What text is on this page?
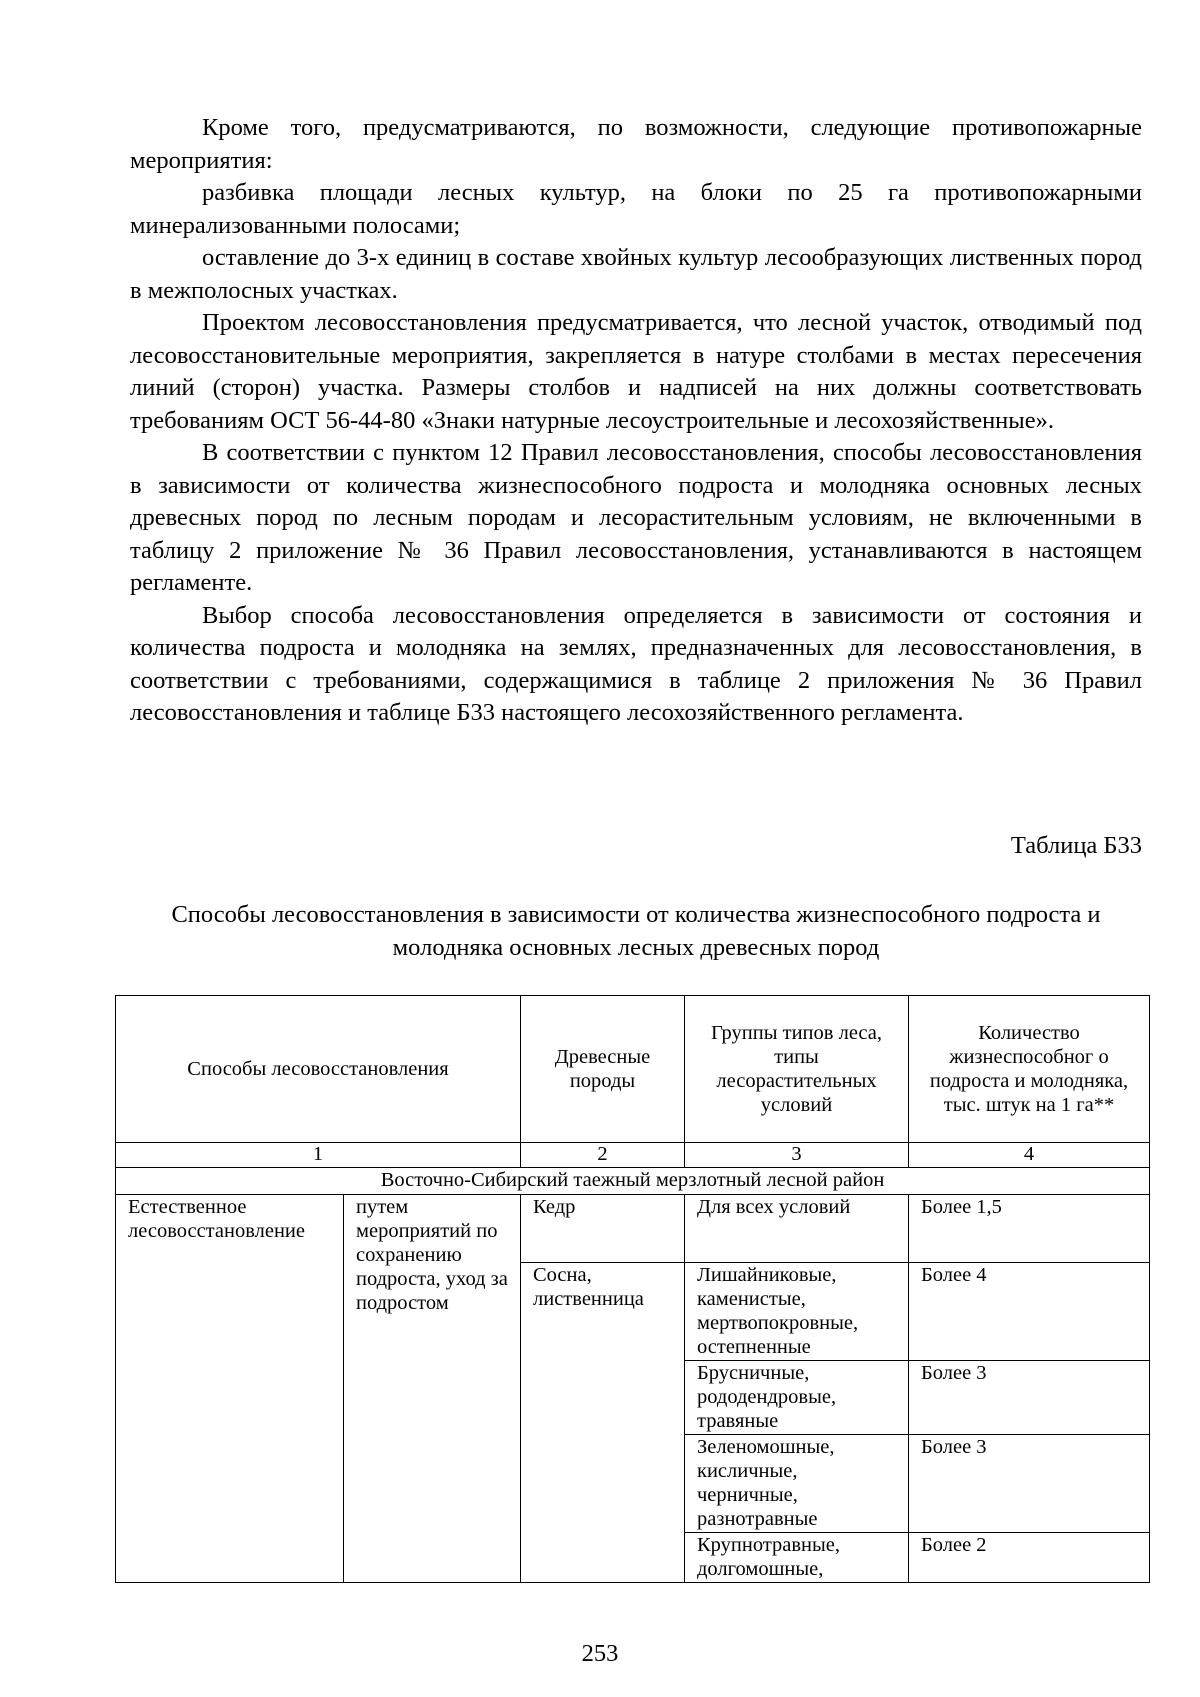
Кроме того, предусматриваются, по возможности, следующие противопожарные мероприятия:

разбивка площади лесных культур, на блоки по 25 га противопожарными минерализованными полосами;

оставление до 3-х единиц в составе хвойных культур лесообразующих лиственных пород в межполосных участках.

Проектом лесовосстановления предусматривается, что лесной участок, отводимый под лесовосстановительные мероприятия, закрепляется в натуре столбами в местах пересечения линий (сторон) участка. Размеры столбов и надписей на них должны соответствовать требованиям ОСТ 56-44-80 «Знаки натурные лесоустроительные и лесохозяйственные».

В соответствии с пунктом 12 Правил лесовосстановления, способы лесовосстановления в зависимости от количества жизнеспособного подроста и молодняка основных лесных древесных пород по лесным породам и лесорастительным условиям, не включенными в таблицу 2 приложение № 36 Правил лесовосстановления, устанавливаются в настоящем регламенте.

Выбор способа лесовосстановления определяется в зависимости от состояния и количества подроста и молодняка на землях, предназначенных для лесовосстановления, в соответствии с требованиями, содержащимися в таблице 2 приложения № 36 Правил лесовосстановления и таблице Б33 настоящего лесохозяйственного регламента.

Таблица Б33
Способы лесовосстановления в зависимости от количества жизнеспособного подроста и молодняка основных лесных древесных пород
Способы лесовосстановления		Древесные породы	Группы типов леса, типы лесорастительных условий	Количество жизнеспособног о подроста и молодняка, тыс. штук на 1 га**
1		2	3	4
Восточно-Сибирский таежный мерзлотный лесной район				
Естественное лесовосстановление	путем мероприятий по сохранению подроста, уход за подростом	Кедр	Для всех условий	Более 1,5
		Сосна, лиственница	Лишайниковые, каменистые, мертвопокровные, остепненные	Более 4
			Брусничные, рододендровые, травяные	Более 3
			Зеленомошные, кисличные, черничные, разнотравные	Более 3
			Крупнотравные, долгомошные,	Более 2
253
